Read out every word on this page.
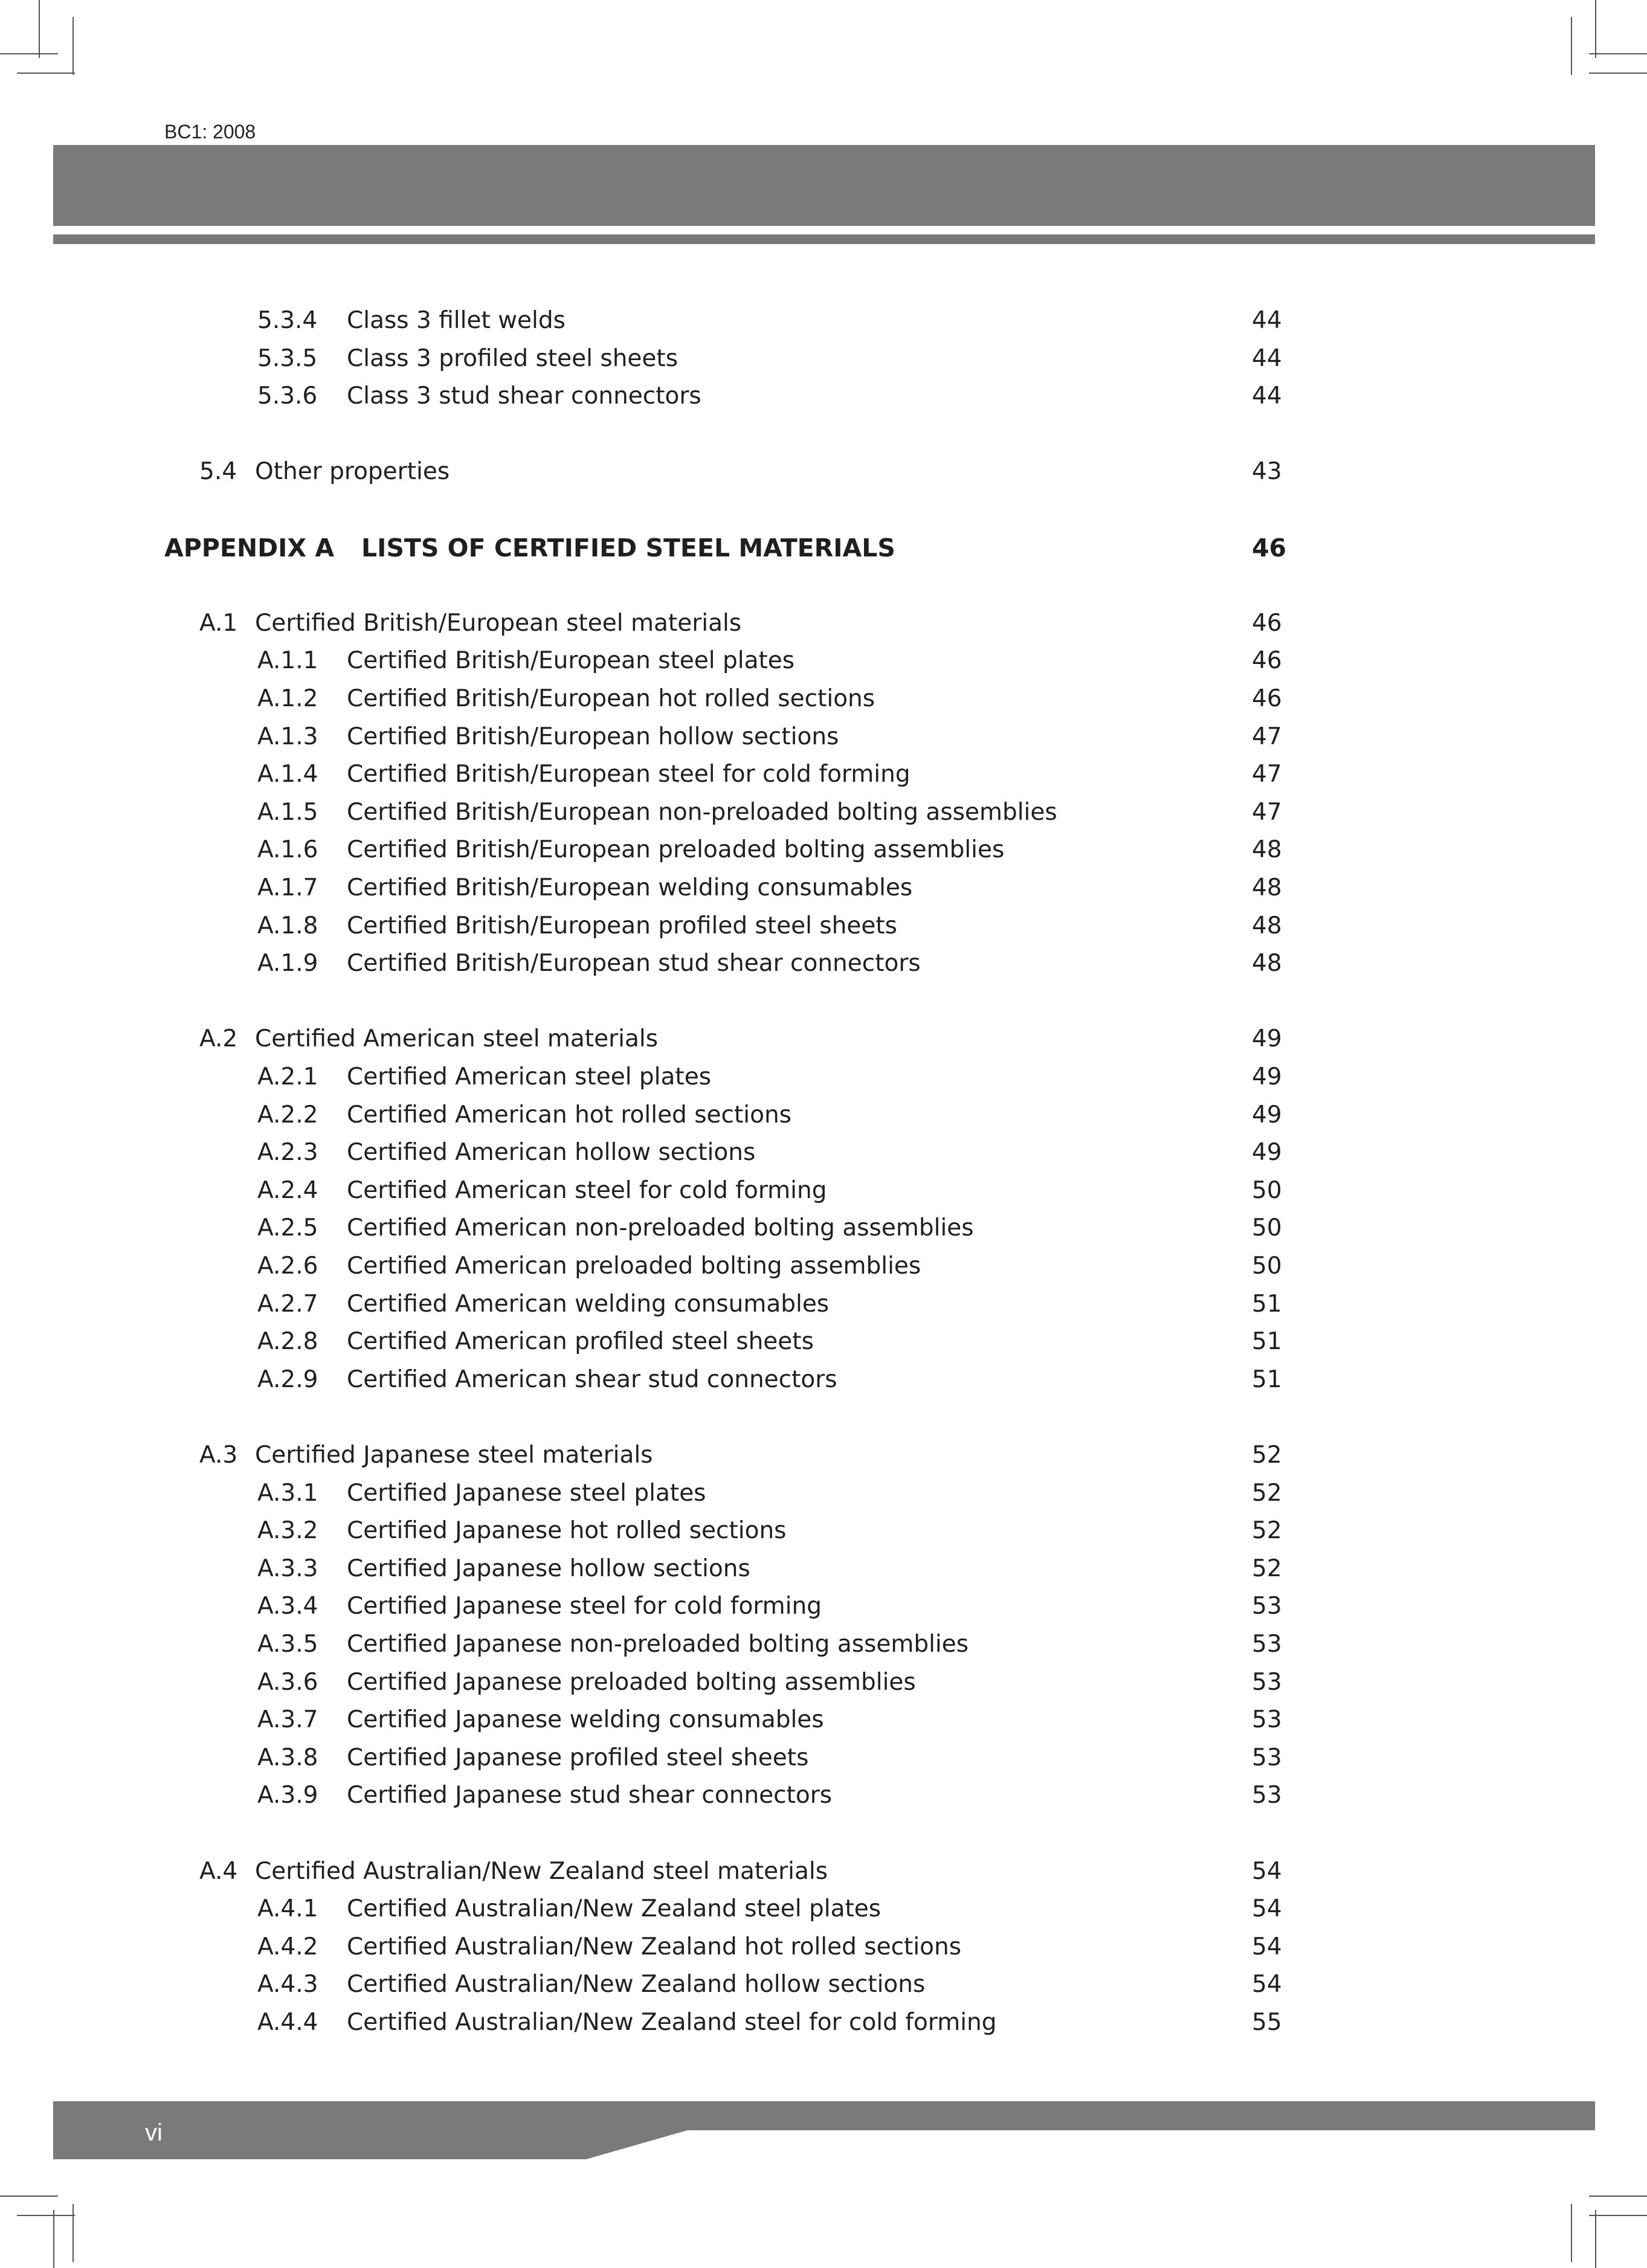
BC1: 2008
5.3.4 Class 3 fillet welds	44
5.3.5 Class 3 profiled steel sheets	44
5.3.6 Class 3 stud shear connectors	44
5.4 Other properties	43
APPENDIX A LISTS OF CERTIFIED STEEL MATERIALS	46
A.1 Certified British/European steel materials	46
A.1.1 Certified British/European steel plates	46
A.1.2 Certified British/European hot rolled sections	46
A.1.3 Certified British/European hollow sections	47
A.1.4 Certified British/European steel for cold forming	47
A.1.5 Certified British/European non-preloaded bolting assemblies	47
A.1.6 Certified British/European preloaded bolting assemblies	48
A.1.7 Certified British/European welding consumables	48
A.1.8 Certified British/European profiled steel sheets	48
A.1.9 Certified British/European stud shear connectors	48
A.2 Certified American steel materials	49
A.2.1 Certified American steel plates	49
A.2.2 Certified American hot rolled sections	49
A.2.3 Certified American hollow sections	49
A.2.4 Certified American steel for cold forming	50
A.2.5 Certified American non-preloaded bolting assemblies	50
A.2.6 Certified American preloaded bolting assemblies	50
A.2.7 Certified American welding consumables	51
A.2.8 Certified American profiled steel sheets	51
A.2.9 Certified American shear stud connectors	51
A.3 Certified Japanese steel materials	52
A.3.1 Certified Japanese steel plates	52
A.3.2 Certified Japanese hot rolled sections	52
A.3.3 Certified Japanese hollow sections	52
A.3.4 Certified Japanese steel for cold forming	53
A.3.5 Certified Japanese non-preloaded bolting assemblies	53
A.3.6 Certified Japanese preloaded bolting assemblies	53
A.3.7 Certified Japanese welding consumables	53
A.3.8 Certified Japanese profiled steel sheets	53
A.3.9 Certified Japanese stud shear connectors	53
A.4 Certified Australian/New Zealand steel materials	54
A.4.1 Certified Australian/New Zealand steel plates	54
A.4.2 Certified Australian/New Zealand hot rolled sections	54
A.4.3 Certified Australian/New Zealand hollow sections	54
A.4.4 Certified Australian/New Zealand steel for cold forming	55
vi
